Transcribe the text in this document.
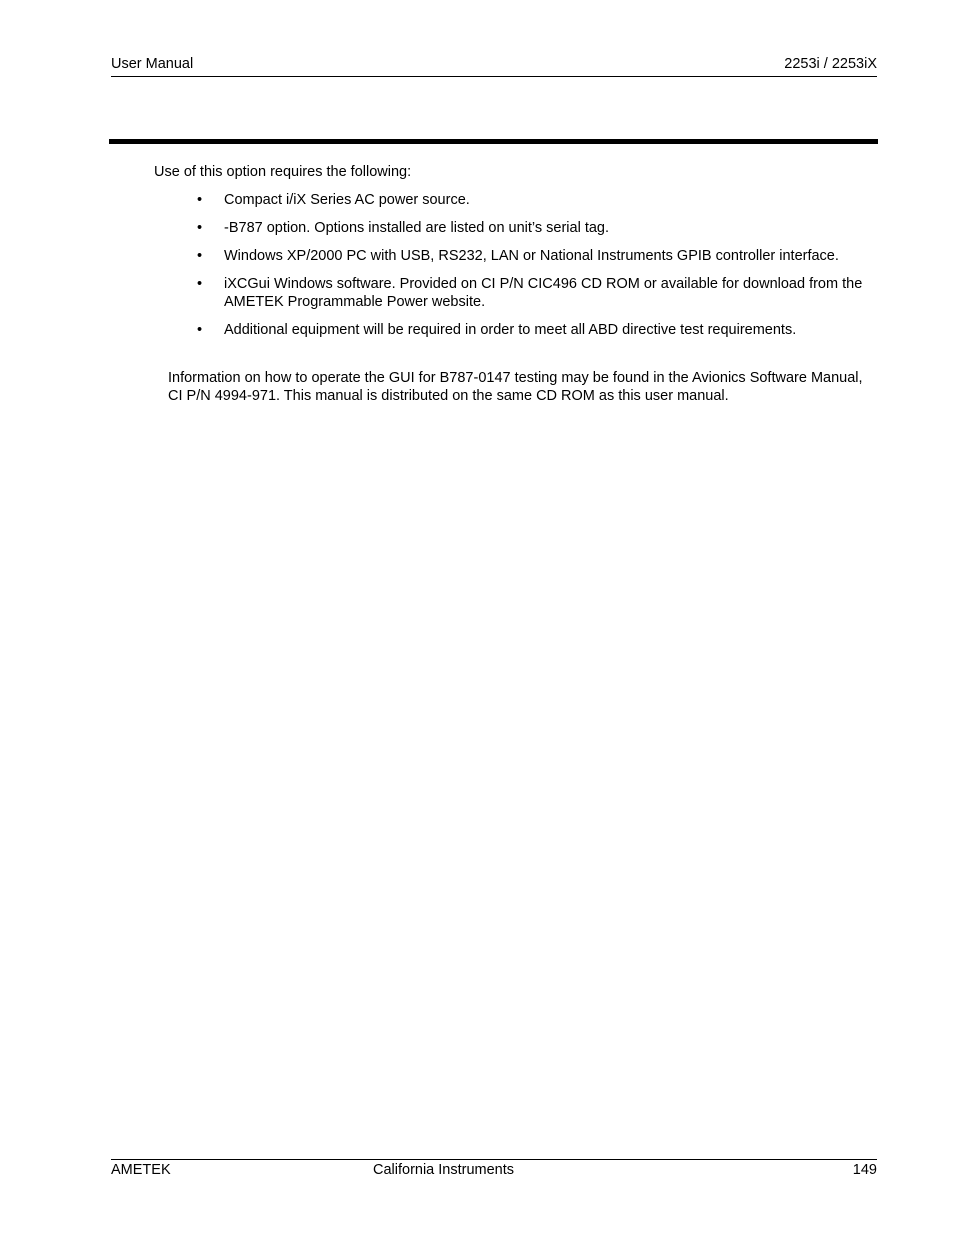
User Manual	2253i / 2253iX
Use of this option requires the following:
• Compact i/iX Series AC power source.
• -B787 option. Options installed are listed on unit’s serial tag.
• Windows XP/2000 PC with USB, RS232, LAN or National Instruments GPIB controller interface.
• iXCGui Windows software. Provided on CI P/N CIC496 CD ROM or available for download from the AMETEK Programmable Power website.
• Additional equipment will be required in order to meet all ABD directive test requirements.
Information on how to operate the GUI for B787-0147 testing may be found in the Avionics Software Manual, CI P/N 4994-971. This manual is distributed on the same CD ROM as this user manual.
AMETEK	California Instruments	149
